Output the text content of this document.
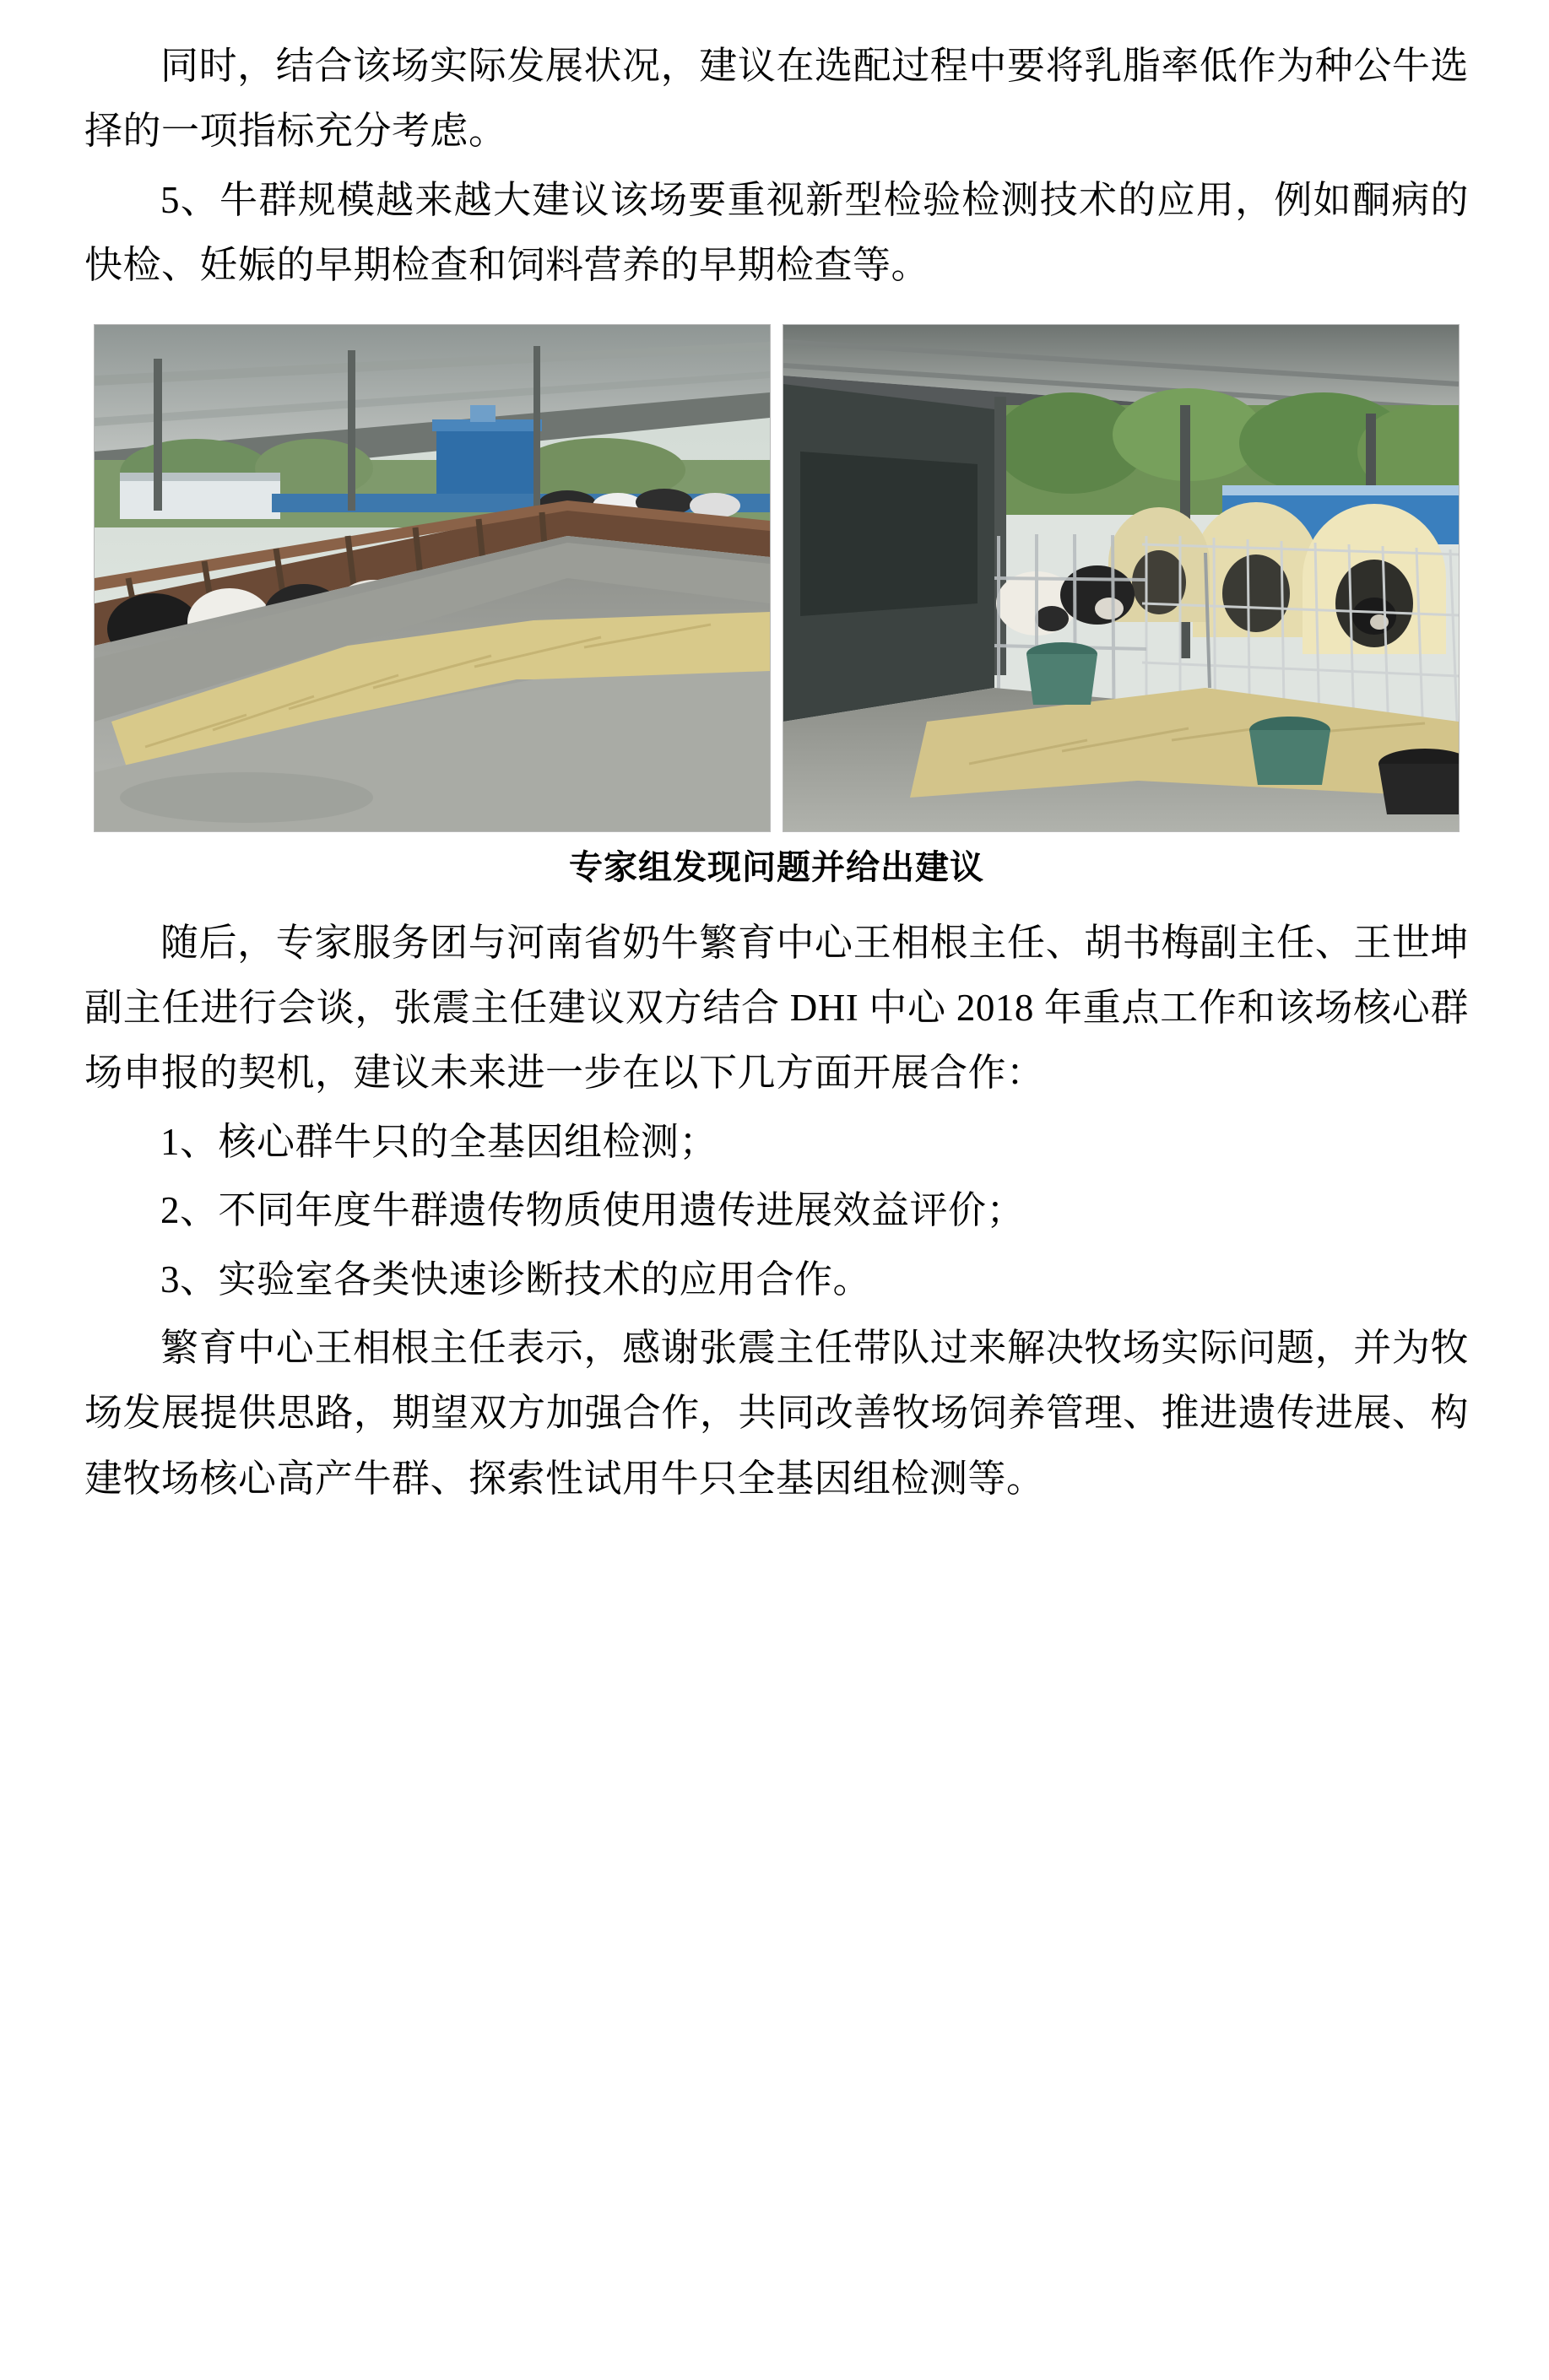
同时，结合该场实际发展状况，建议在选配过程中要将乳脂率低作为种公牛选择的一项指标充分考虑。

5、牛群规模越来越大建议该场要重视新型检验检测技术的应用，例如酮病的快检、妊娠的早期检查和饲料营养的早期检查等。

专家组发现问题并给出建议

随后，专家服务团与河南省奶牛繁育中心王相根主任、胡书梅副主任、王世坤副主任进行会谈，张震主任建议双方结合 DHI 中心 2018 年重点工作和该场核心群场申报的契机，建议未来进一步在以下几方面开展合作：

1、核心群牛只的全基因组检测；

2、不同年度牛群遗传物质使用遗传进展效益评价；

3、实验室各类快速诊断技术的应用合作。

繁育中心王相根主任表示，感谢张震主任带队过来解决牧场实际问题，并为牧场发展提供思路，期望双方加强合作，共同改善牧场饲养管理、推进遗传进展、构建牧场核心高产牛群、探索性试用牛只全基因组检测等。
